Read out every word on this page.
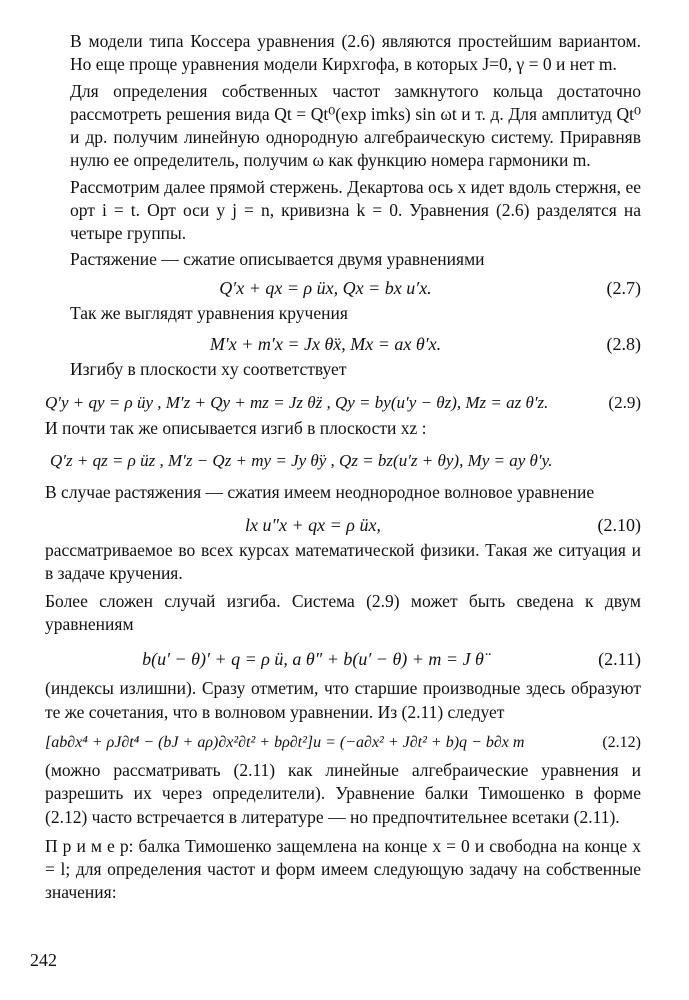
В модели типа Коссера уравнения (2.6) являются простейшим вариантом. Но еще проще уравнения модели Кирхгофа, в которых J=0, γ = 0 и нет m.

Для определения собственных частот замкнутого кольца достаточно рассмотреть решения вида Qt = Qt⁰(exp imks) sin ωt и т. д. Для амплитуд Qt⁰ и др. получим линейную однородную алгебраическую систему. Приравняв нулю ее определитель, получим ω как функцию номера гармоники m.

Рассмотрим далее прямой стержень. Декартова ось x идет вдоль стержня, ее орт i = t. Орт оси y j = n, кривизна k = 0. Уравнения (2.6) разделятся на четыре группы.

Растяжение — сжатие описывается двумя уравнениями

Q′x + qx = ρ üx, Qx = bx u′x.	(2.7)

Так же выглядят уравнения кручения

M′x + m′x = Jx θ̈x, Mx = ax θ′x.	(2.8)

Изгибу в плоскости xy соответствует

Q′y + qy = ρ üy , M′z + Qy + mz = Jz θ̈z , Qy = by(u′y − θz), Mz = az θ′z.	(2.9)

И почти так же описывается изгиб в плоскости xz :

Q′z + qz = ρ üz , M′z − Qz + my = Jy θ̈y , Qz = bz(u′z + θy), My = ay θ′y.

В случае растяжения — сжатия имеем неоднородное волновое уравнение

lx u″x + qx = ρ üx,	(2.10)

рассматриваемое во всех курсах математической физики. Такая же ситуация и в задаче кручения.

Более сложен случай изгиба. Система (2.9) может быть сведена к двум уравнениям

b(u′ − θ)′ + q = ρ ü, a θ″ + b(u′ − θ) + m = J θ̈	(2.11)

(индексы излишни). Сразу отметим, что старшие производные здесь образуют те же сочетания, что в волновом уравнении. Из (2.11) следует

[ab∂x⁴ + ρJ∂t⁴ − (bJ + aρ)∂x²∂t² + bρ∂t²]u = (−a∂x² + J∂t² + b)q − b∂x m	(2.12)

(можно рассматривать (2.11) как линейные алгебраические уравнения и разрешить их через определители). Уравнение балки Тимошенко в форме (2.12) часто встречается в литературе — но предпочтительнее всетаки (2.11).

П р и м е р: балка Тимошенко защемлена на конце x = 0 и свободна на конце x = l; для определения частот и форм имеем следующую задачу на собственные значения:

242
